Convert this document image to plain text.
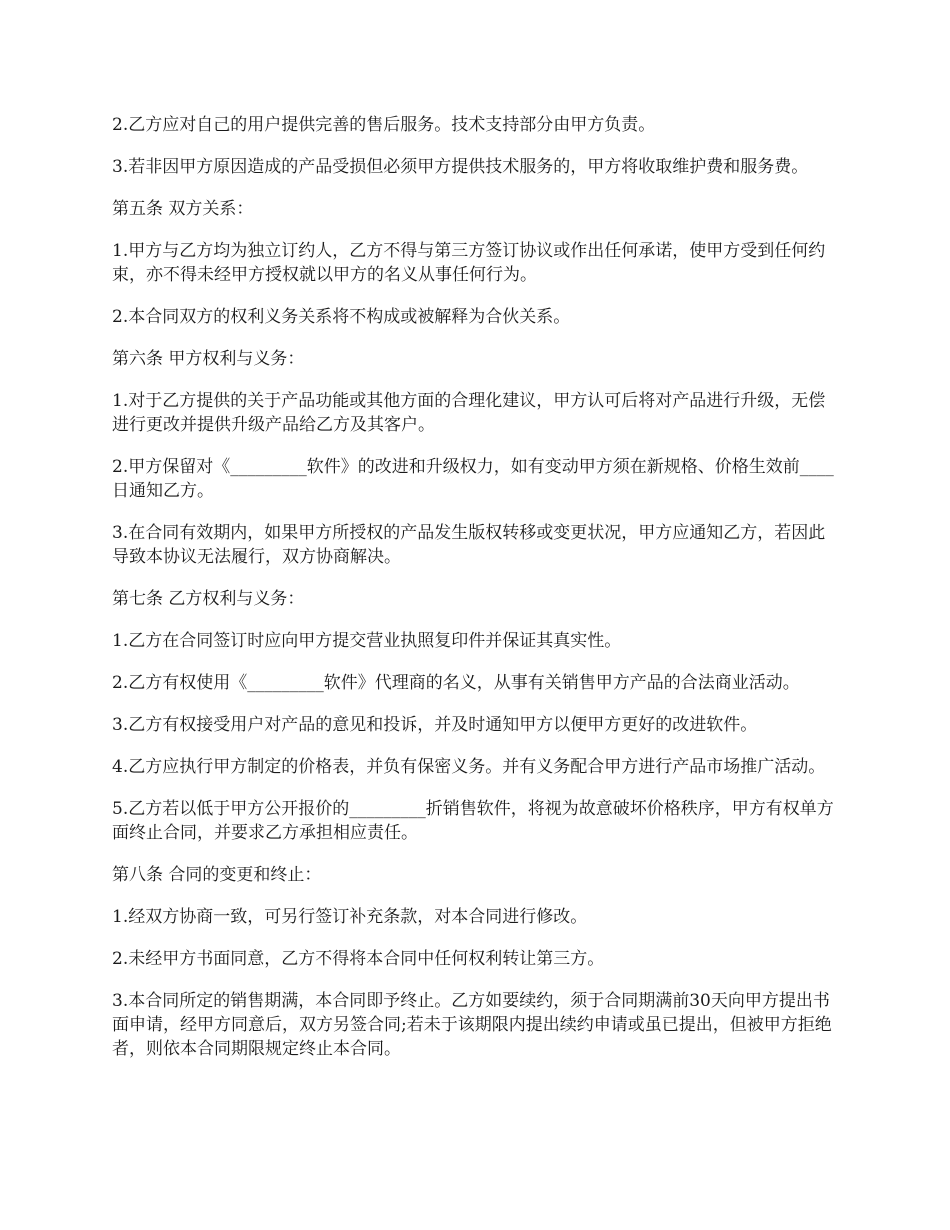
2.乙方应对自己的用户提供完善的售后服务。技术支持部分由甲方负责。

3.若非因甲方原因造成的产品受损但必须甲方提供技术服务的，甲方将收取维护费和服务费。

第五条 双方关系：

1.甲方与乙方均为独立订约人，乙方不得与第三方签订协议或作出任何承诺，使甲方受到任何约束，亦不得未经甲方授权就以甲方的名义从事任何行为。

2.本合同双方的权利义务关系将不构成或被解释为合伙关系。

第六条 甲方权利与义务：

1.对于乙方提供的关于产品功能或其他方面的合理化建议，甲方认可后将对产品进行升级，无偿进行更改并提供升级产品给乙方及其客户。

2.甲方保留对《_________软件》的改进和升级权力，如有变动甲方须在新规格、价格生效前____日通知乙方。

3.在合同有效期内，如果甲方所授权的产品发生版权转移或变更状况，甲方应通知乙方，若因此导致本协议无法履行，双方协商解决。

第七条 乙方权利与义务：

1.乙方在合同签订时应向甲方提交营业执照复印件并保证其真实性。

2.乙方有权使用《_________软件》代理商的名义，从事有关销售甲方产品的合法商业活动。

3.乙方有权接受用户对产品的意见和投诉，并及时通知甲方以便甲方更好的改进软件。

4.乙方应执行甲方制定的价格表，并负有保密义务。并有义务配合甲方进行产品市场推广活动。

5.乙方若以低于甲方公开报价的_________折销售软件，将视为故意破坏价格秩序，甲方有权单方面终止合同，并要求乙方承担相应责任。

第八条 合同的变更和终止：

1.经双方协商一致，可另行签订补充条款，对本合同进行修改。

2.未经甲方书面同意，乙方不得将本合同中任何权利转让第三方。

3.本合同所定的销售期满，本合同即予终止。乙方如要续约，须于合同期满前30天向甲方提出书面申请，经甲方同意后，双方另签合同;若未于该期限内提出续约申请或虽已提出，但被甲方拒绝者，则依本合同期限规定终止本合同。
